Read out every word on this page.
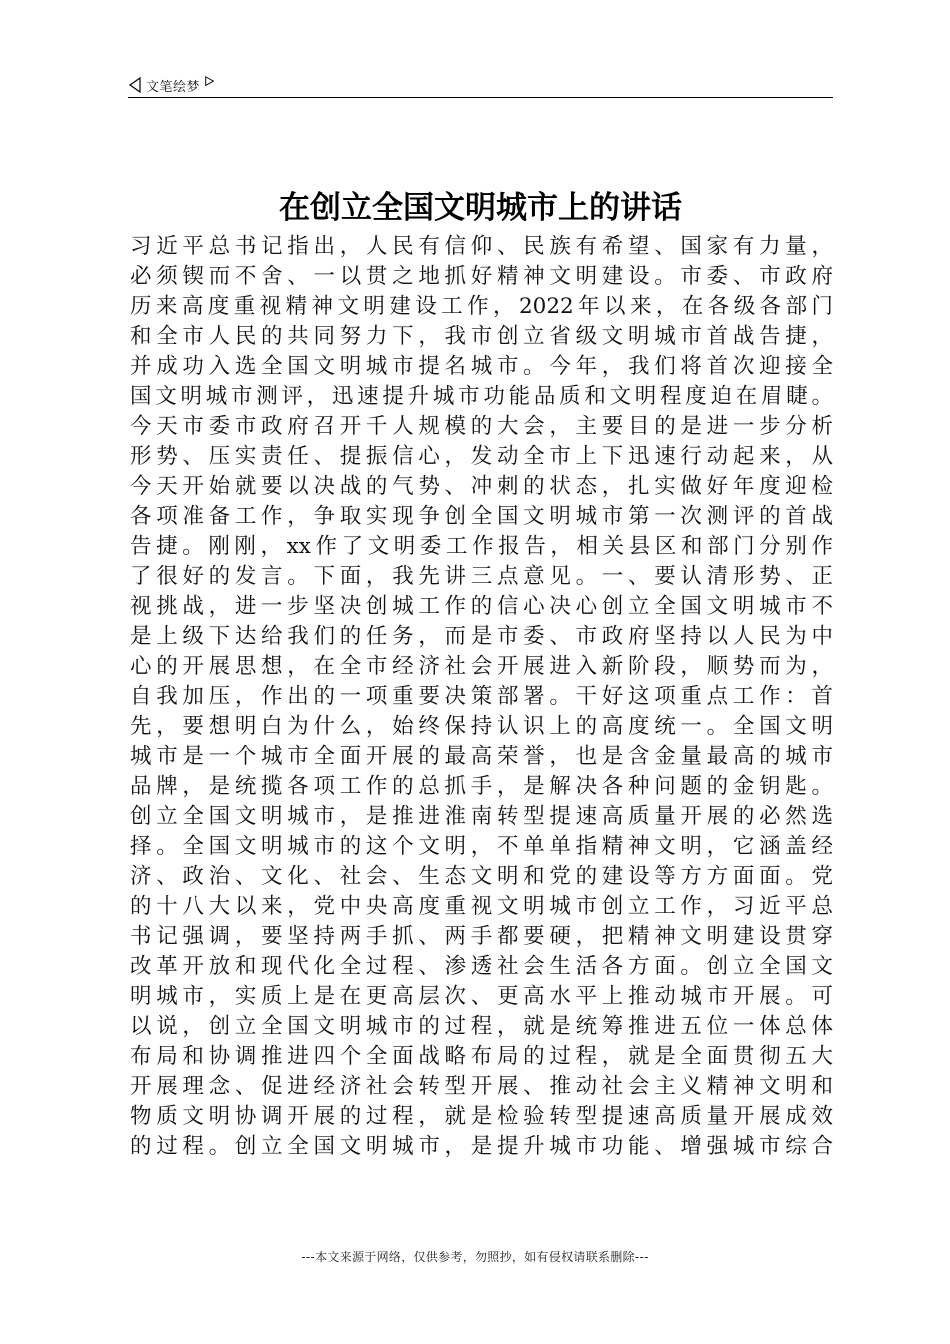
文笔绘梦
在创立全国文明城市上的讲话
习近平总书记指出，人民有信仰、民族有希望、国家有力量，
必须锲而不舍、一以贯之地抓好精神文明建设。市委、市政府
历来高度重视精神文明建设工作，2022年以来，在各级各部门
和全市人民的共同努力下，我市创立省级文明城市首战告捷，
并成功入选全国文明城市提名城市。今年，我们将首次迎接全
国文明城市测评，迅速提升城市功能品质和文明程度迫在眉睫。
今天市委市政府召开千人规模的大会，主要目的是进一步分析
形势、压实责任、提振信心，发动全市上下迅速行动起来，从
今天开始就要以决战的气势、冲刺的状态，扎实做好年度迎检
各项准备工作，争取实现争创全国文明城市第一次测评的首战
告捷。刚刚，xx作了文明委工作报告，相关县区和部门分别作
了很好的发言。下面，我先讲三点意见。一、要认清形势、正
视挑战，进一步坚决创城工作的信心决心创立全国文明城市不
是上级下达给我们的任务，而是市委、市政府坚持以人民为中
心的开展思想，在全市经济社会开展进入新阶段，顺势而为，
自我加压，作出的一项重要决策部署。干好这项重点工作：首
先，要想明白为什么，始终保持认识上的高度统一。全国文明
城市是一个城市全面开展的最高荣誉，也是含金量最高的城市
品牌，是统揽各项工作的总抓手，是解决各种问题的金钥匙。
创立全国文明城市，是推进淮南转型提速高质量开展的必然选
择。全国文明城市的这个文明，不单单指精神文明，它涵盖经
济、政治、文化、社会、生态文明和党的建设等方方面面。党
的十八大以来，党中央高度重视文明城市创立工作，习近平总
书记强调，要坚持两手抓、两手都要硬，把精神文明建设贯穿
改革开放和现代化全过程、渗透社会生活各方面。创立全国文
明城市，实质上是在更高层次、更高水平上推动城市开展。可
以说，创立全国文明城市的过程，就是统筹推进五位一体总体
布局和协调推进四个全面战略布局的过程，就是全面贯彻五大
开展理念、促进经济社会转型开展、推动社会主义精神文明和
物质文明协调开展的过程，就是检验转型提速高质量开展成效
的过程。创立全国文明城市，是提升城市功能、增强城市综合
---本文来源于网络，仅供参考，勿照抄，如有侵权请联系删除---
